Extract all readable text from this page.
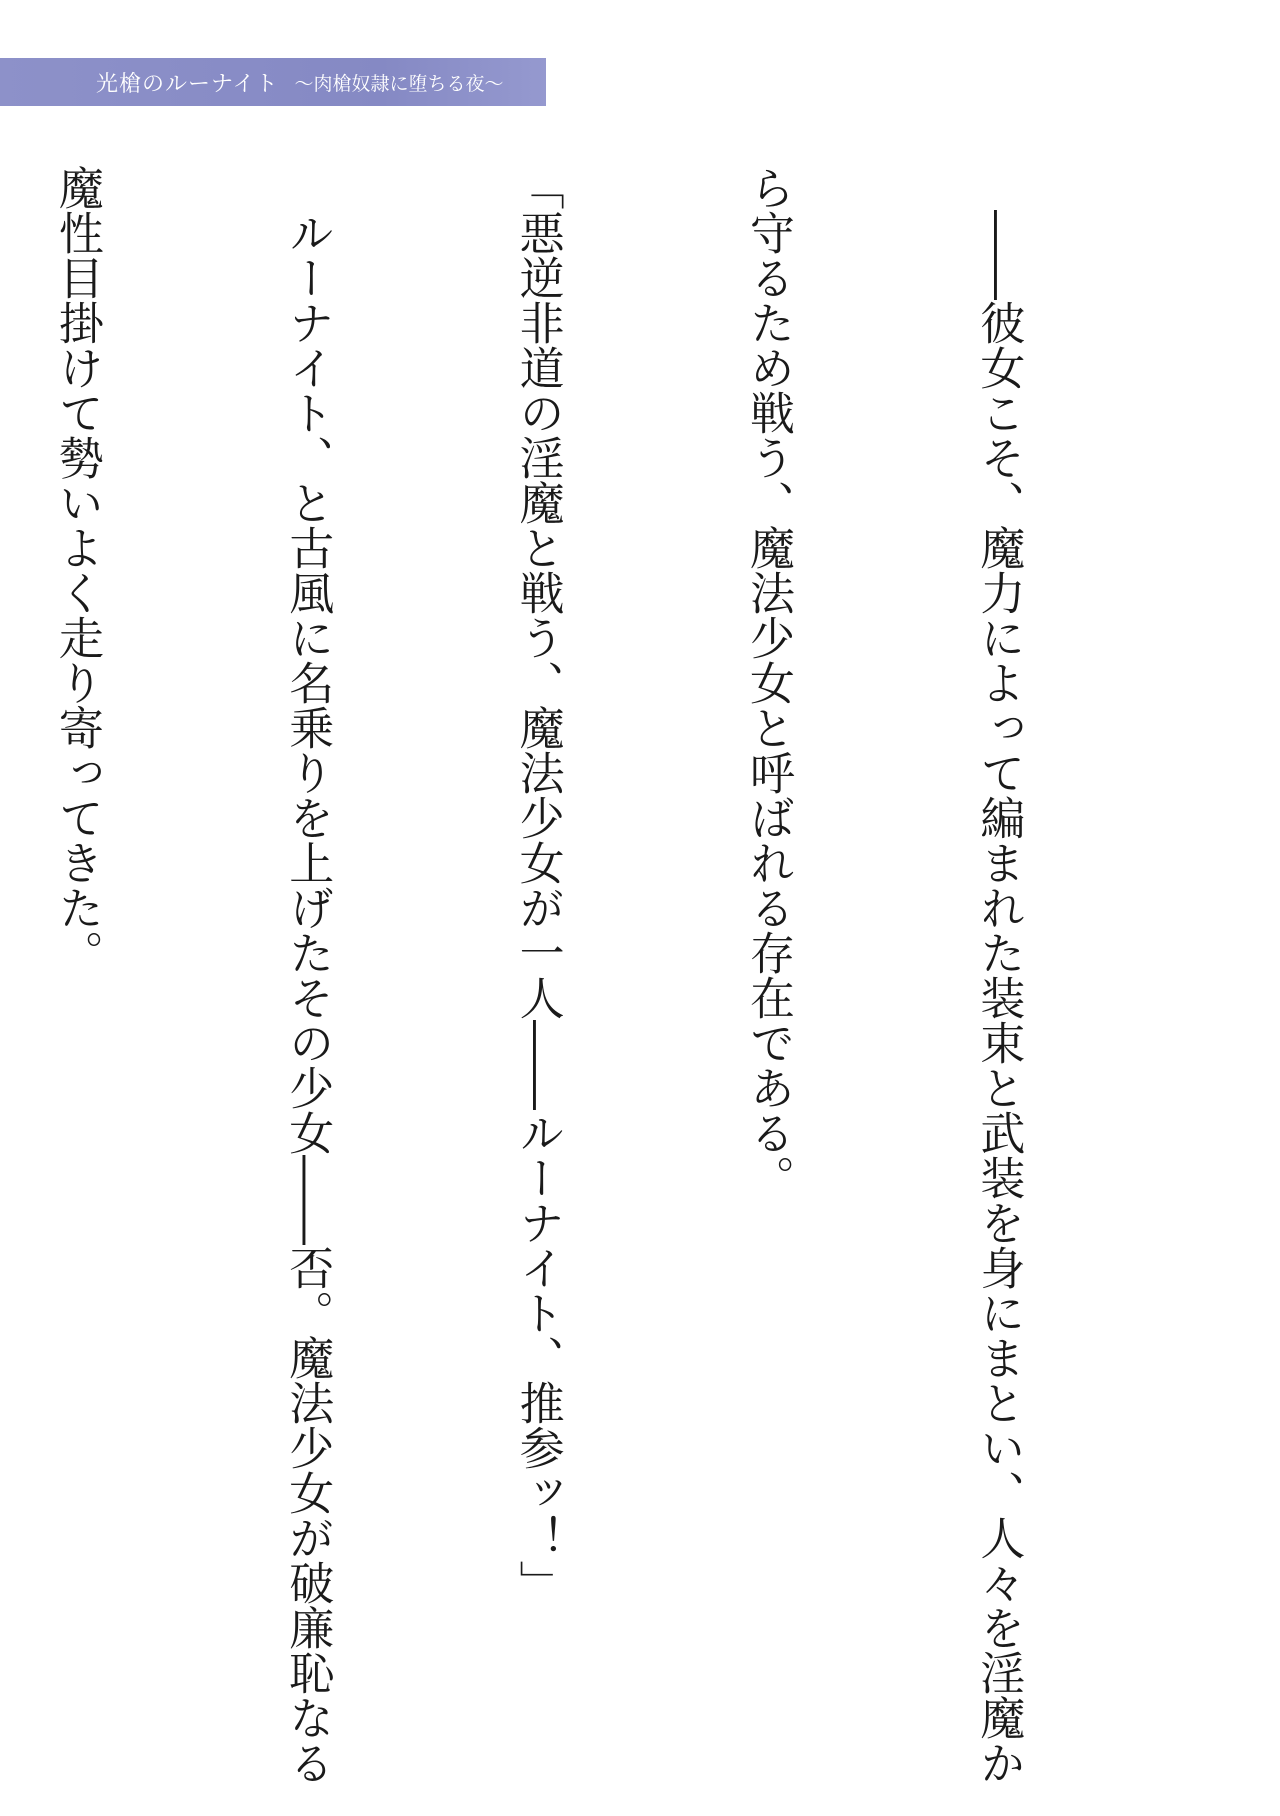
光槍のルーナイト 〜肉槍奴隷に堕ちる夜〜

　――彼女こそ、魔力によって編まれた装束と武装を身にまとい、人々を淫魔か

ら守るため戦う、魔法少女と呼ばれる存在である。

「悪逆非道の淫魔と戦う、魔法少女が一人――ルーナイト、推参ッ！」

　ルーナイト、と古風に名乗りを上げたその少女――否。魔法少女が破廉恥なる

魔性目掛けて勢いよく走り寄ってきた。
